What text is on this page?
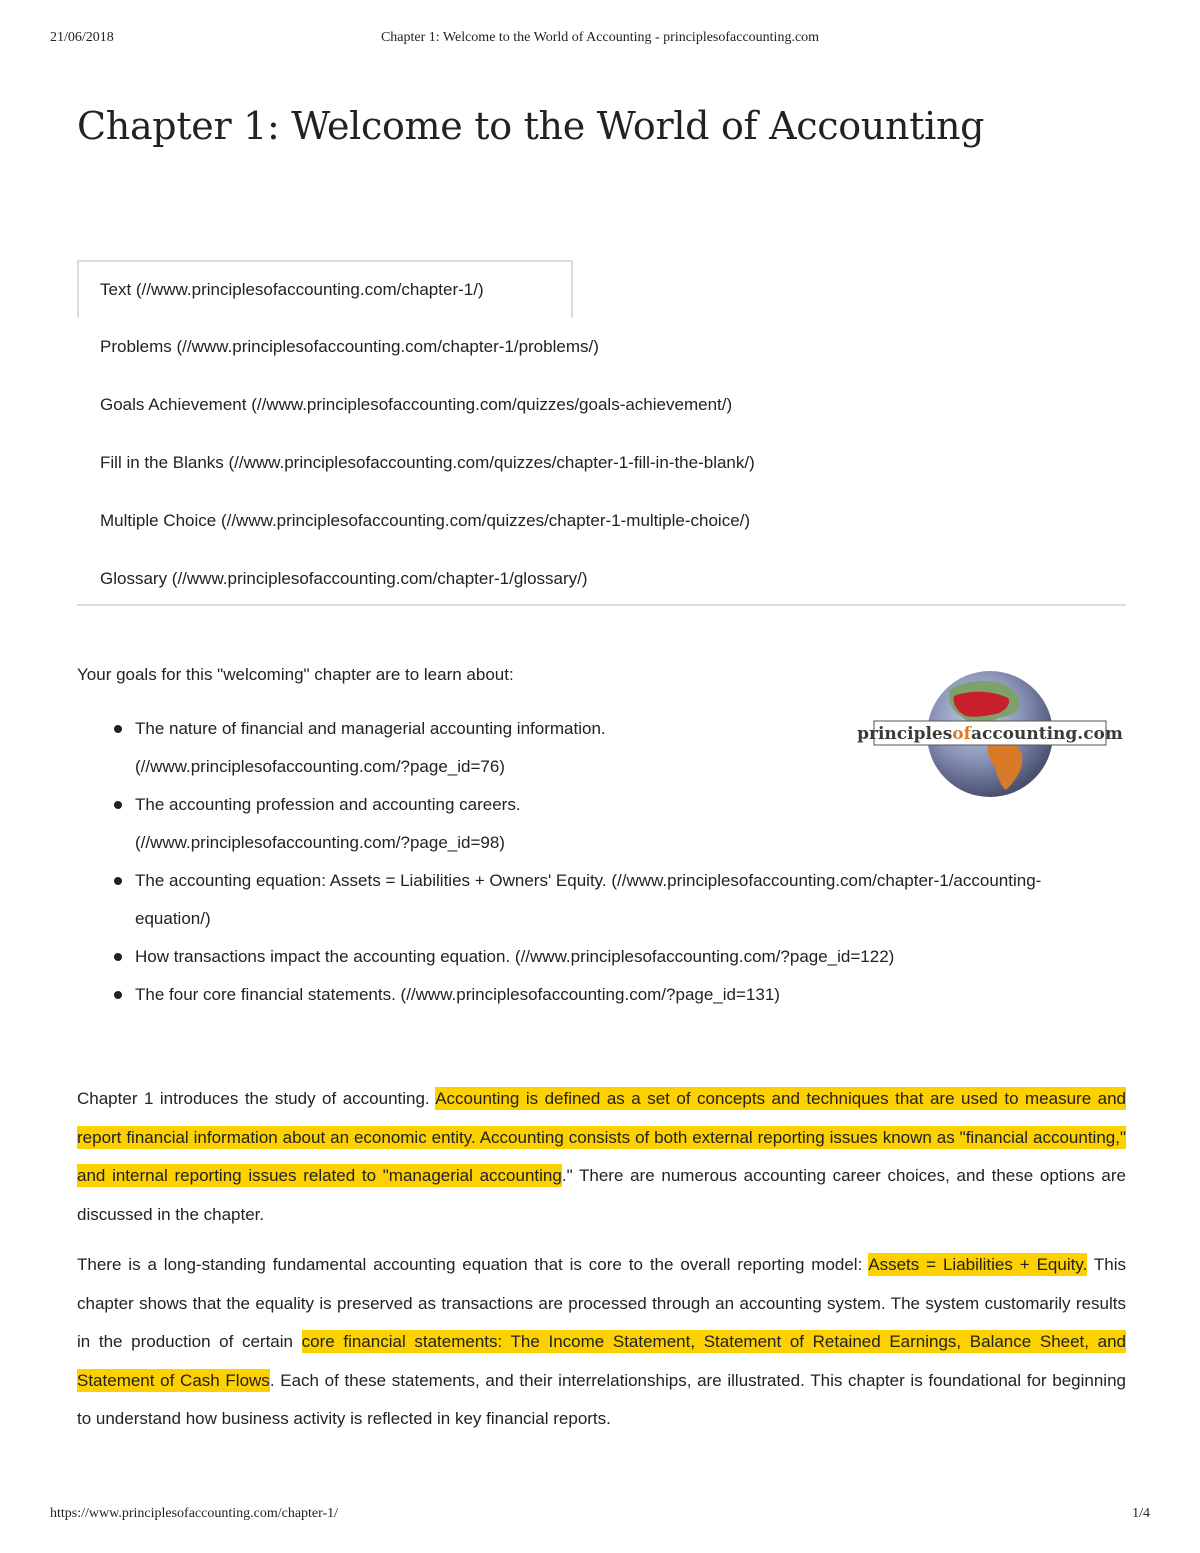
21/06/2018	Chapter 1: Welcome to the World of Accounting - principlesofaccounting.com
Chapter 1: Welcome to the World of Accounting
Text (//www.principlesofaccounting.com/chapter-1/)
Problems (//www.principlesofaccounting.com/chapter-1/problems/)
Goals Achievement (//www.principlesofaccounting.com/quizzes/goals-achievement/)
Fill in the Blanks (//www.principlesofaccounting.com/quizzes/chapter-1-fill-in-the-blank/)
Multiple Choice (//www.principlesofaccounting.com/quizzes/chapter-1-multiple-choice/)
Glossary (//www.principlesofaccounting.com/chapter-1/glossary/)

Your goals for this "welcoming" chapter are to learn about:

The nature of financial and managerial accounting information.
(//www.principlesofaccounting.com/?page_id=76)
The accounting profession and accounting careers.
(//www.principlesofaccounting.com/?page_id=98)
The accounting equation: Assets = Liabilities + Owners' Equity. (//www.principlesofaccounting.com/chapter-1/accounting-equation/)
How transactions impact the accounting equation. (//www.principlesofaccounting.com/?page_id=122)
The four core financial statements. (//www.principlesofaccounting.com/?page_id=131)
principlesofaccounting.com

Chapter 1 introduces the study of accounting. Accounting is defined as a set of concepts and techniques that are used to measure and report financial information about an economic entity. Accounting consists of both external reporting issues known as "financial accounting," and internal reporting issues related to "managerial accounting." There are numerous accounting career choices, and these options are discussed in the chapter.

There is a long-standing fundamental accounting equation that is core to the overall reporting model: Assets = Liabilities + Equity. This chapter shows that the equality is preserved as transactions are processed through an accounting system. The system customarily results in the production of certain core financial statements: The Income Statement, Statement of Retained Earnings, Balance Sheet, and Statement of Cash Flows. Each of these statements, and their interrelationships, are illustrated. This chapter is foundational for beginning to understand how business activity is reflected in key financial reports.

https://www.principlesofaccounting.com/chapter-1/	1/4
